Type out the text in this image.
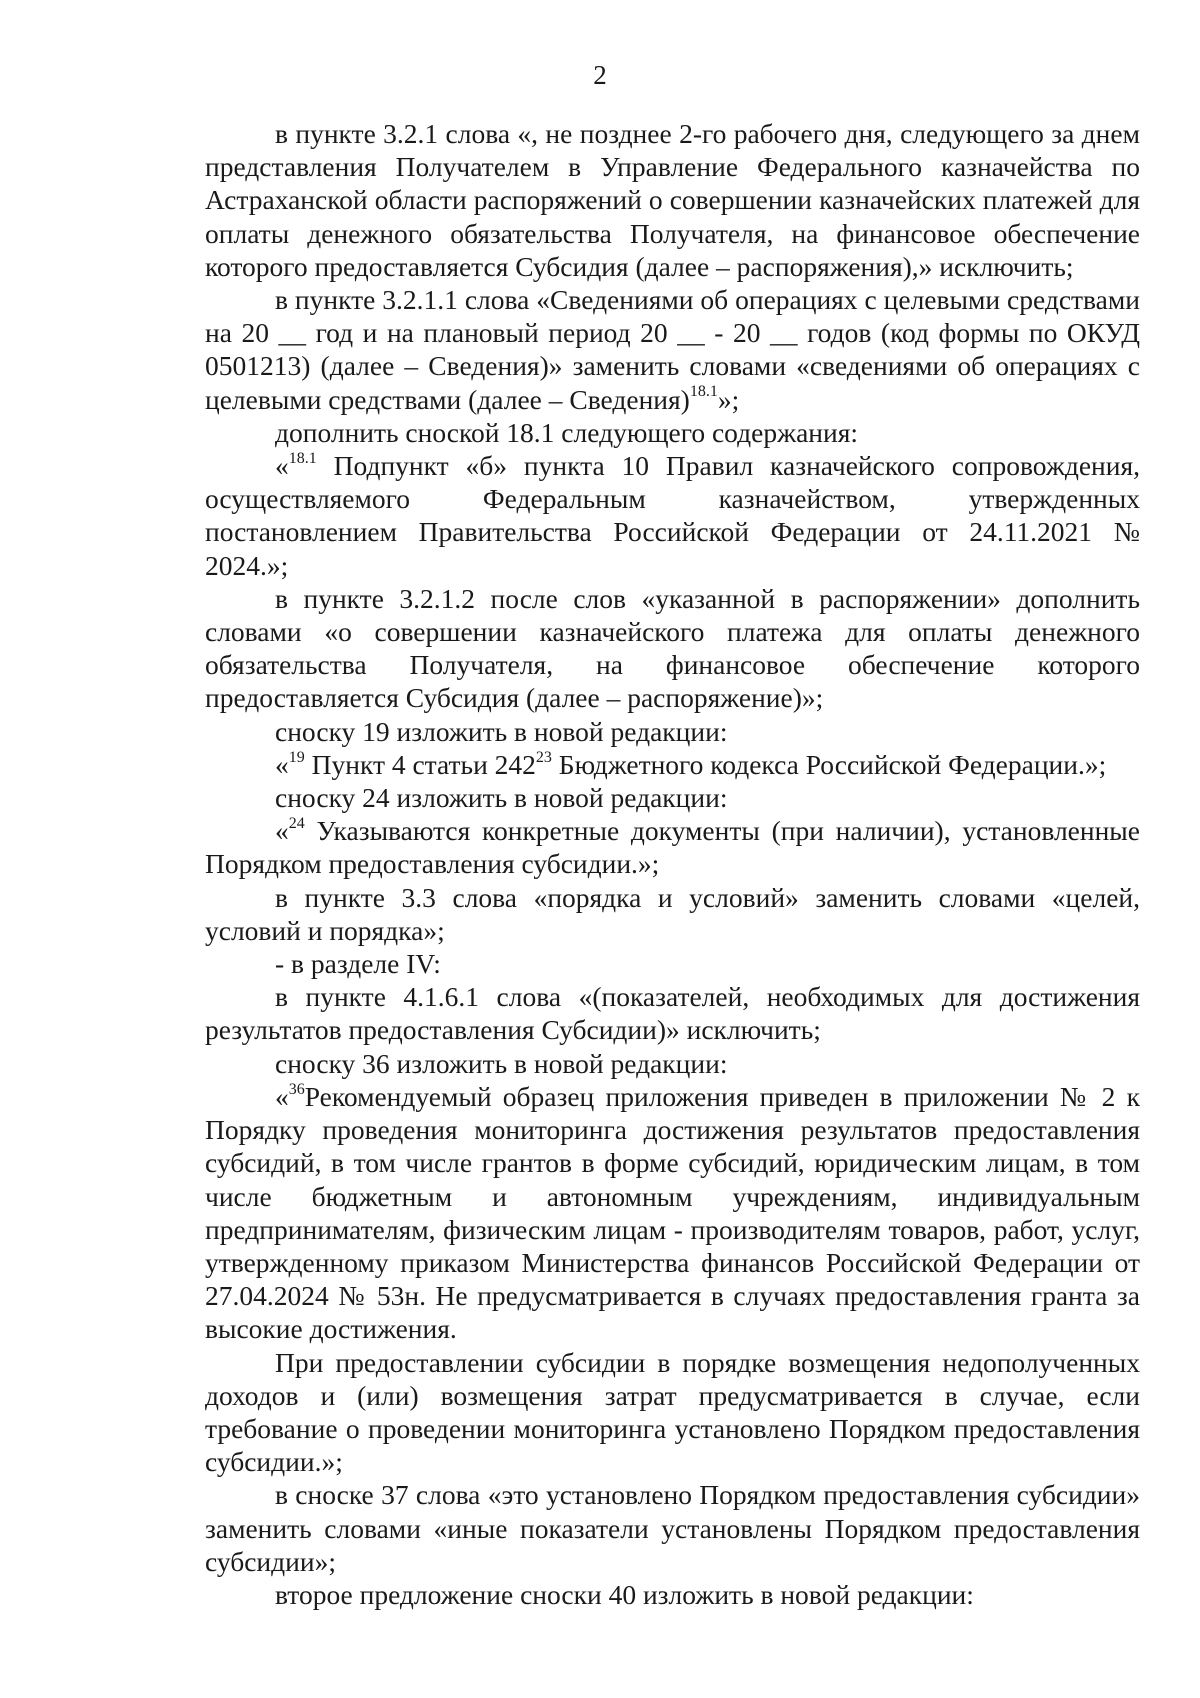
2

в пункте 3.2.1 слова «, не позднее 2-го рабочего дня, следующего за днем представления Получателем в Управление Федерального казначейства по Астраханской области распоряжений о совершении казначейских платежей для оплаты денежного обязательства Получателя, на финансовое обеспечение которого предоставляется Субсидия (далее – распоряжения),» исключить;

в пункте 3.2.1.1 слова «Сведениями об операциях с целевыми средствами на 20 __ год и на плановый период 20 __ - 20 __ годов (код формы по ОКУД 0501213) (далее – Сведения)» заменить словами «сведениями об операциях с целевыми средствами (далее – Сведения)$^{18.1}$»;

дополнить сноской 18.1 следующего содержания:

«$^{18.1}$ Подпункт «б» пункта 10 Правил казначейского сопровождения, осуществляемого Федеральным казначейством, утвержденных постановлением Правительства Российской Федерации от 24.11.2021 № 2024.»;

в пункте 3.2.1.2 после слов «указанной в распоряжении» дополнить словами «о совершении казначейского платежа для оплаты денежного обязательства Получателя, на финансовое обеспечение которого предоставляется Субсидия (далее – распоряжение)»;

сноску 19 изложить в новой редакции:

«$^{19}$ Пункт 4 статьи 242$^{23}$ Бюджетного кодекса Российской Федерации.»;

сноску 24 изложить в новой редакции:

«$^{24}$ Указываются конкретные документы (при наличии), установленные Порядком предоставления субсидии.»;

в пункте 3.3 слова «порядка и условий» заменить словами «целей, условий и порядка»;

- в разделе IV:

в пункте 4.1.6.1 слова «(показателей, необходимых для достижения результатов предоставления Субсидии)» исключить;

сноску 36 изложить в новой редакции:

«$^{36}$Рекомендуемый образец приложения приведен в приложении № 2 к Порядку проведения мониторинга достижения результатов предоставления субсидий, в том числе грантов в форме субсидий, юридическим лицам, в том числе бюджетным и автономным учреждениям, индивидуальным предпринимателям, физическим лицам - производителям товаров, работ, услуг, утвержденному приказом Министерства финансов Российской Федерации от 27.04.2024 № 53н. Не предусматривается в случаях предоставления гранта за высокие достижения.

При предоставлении субсидии в порядке возмещения недополученных доходов и (или) возмещения затрат предусматривается в случае, если требование о проведении мониторинга установлено Порядком предоставления субсидии.»;

в сноске 37 слова «это установлено Порядком предоставления субсидии» заменить словами «иные показатели установлены Порядком предоставления субсидии»;

второе предложение сноски 40 изложить в новой редакции:
